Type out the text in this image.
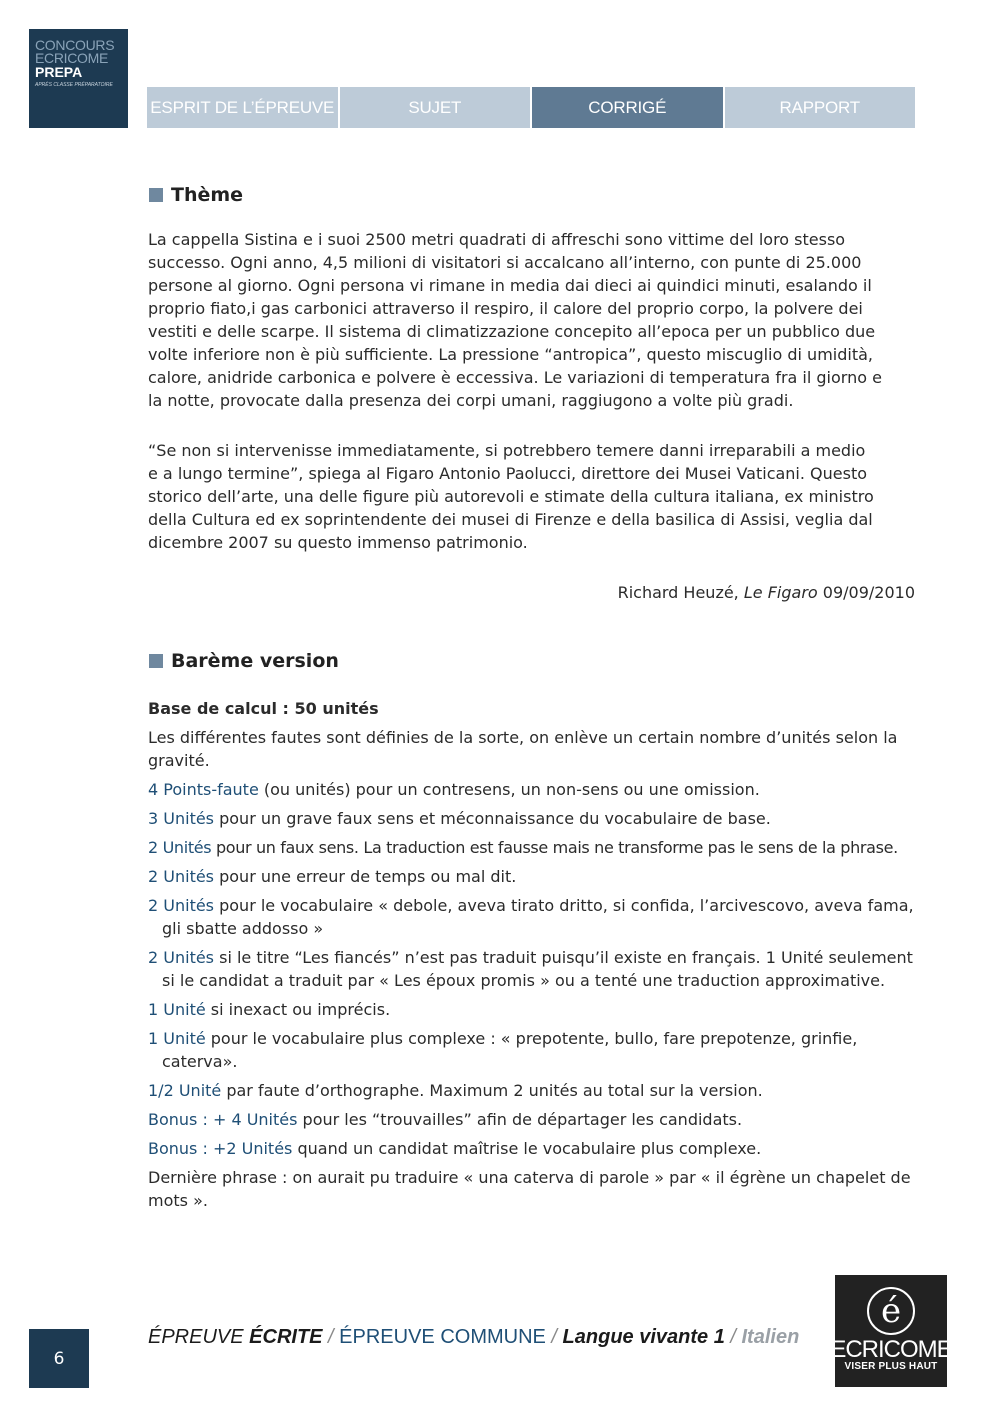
CONCOURS
ECRICOME
PREPA
APRÈS CLASSE PRÉPARATOIRE
ESPRIT DE L’ÉPREUVE	SUJET	CORRIGÉ	RAPPORT
Thème
La cappella Sistina e i suoi 2500 metri quadrati di affreschi sono vittime del loro stesso
successo. Ogni anno, 4,5 milioni di visitatori si accalcano all’interno, con punte di 25.000
persone al giorno. Ogni persona vi rimane in media dai dieci ai quindici minuti, esalando il
proprio fiato,i gas carbonici attraverso il respiro, il calore del proprio corpo, la polvere dei
vestiti e delle scarpe. Il sistema di climatizzazione concepito all’epoca per un pubblico due
volte inferiore non è più sufficiente. La pressione “antropica”, questo miscuglio di umidità,
calore, anidride carbonica e polvere è eccessiva. Le variazioni di temperatura fra il giorno e
la notte, provocate dalla presenza dei corpi umani, raggiugono a volte più gradi.
“Se non si intervenisse immediatamente, si potrebbero temere danni irreparabili a medio
e a lungo termine”, spiega al Figaro Antonio Paolucci, direttore dei Musei Vaticani. Questo
storico dell’arte, una delle figure più autorevoli e stimate della cultura italiana, ex ministro
della Cultura ed ex soprintendente dei musei di Firenze e della basilica di Assisi, veglia dal
dicembre 2007 su questo immenso patrimonio.
Richard Heuzé, Le Figaro 09/09/2010
Barème version
Base de calcul : 50 unités
Les différentes fautes sont définies de la sorte, on enlève un certain nombre d’unités selon la gravité.
4 Points-faute (ou unités) pour un contresens, un non-sens ou une omission.
3 Unités pour un grave faux sens et méconnaissance du vocabulaire de base.
2 Unités pour un faux sens. La traduction est fausse mais ne transforme pas le sens de la phrase.
2 Unités pour une erreur de temps ou mal dit.
2 Unités pour le vocabulaire « debole, aveva tirato dritto, si confida, l’arcivescovo, aveva fama, gli sbatte addosso »
2 Unités si le titre “Les fiancés” n’est pas traduit puisqu’il existe en français. 1 Unité seulement si le candidat a traduit par « Les époux promis » ou a tenté une traduction approximative.
1 Unité si inexact ou imprécis.
1 Unité pour le vocabulaire plus complexe : « prepotente, bullo, fare prepotenze, grinfie, caterva».
1/2 Unité par faute d’orthographe. Maximum 2 unités au total sur la version.
Bonus : + 4 Unités pour les “trouvailles” afin de départager les candidats.
Bonus : +2 Unités quand un candidat maîtrise le vocabulaire plus complexe.
Dernière phrase : on aurait pu traduire « una caterva di parole » par « il égrène un chapelet de mots ».
6
ÉPREUVE ÉCRITE / ÉPREUVE COMMUNE / Langue vivante 1 / Italien
é
ECRICOME
VISER PLUS HAUT
